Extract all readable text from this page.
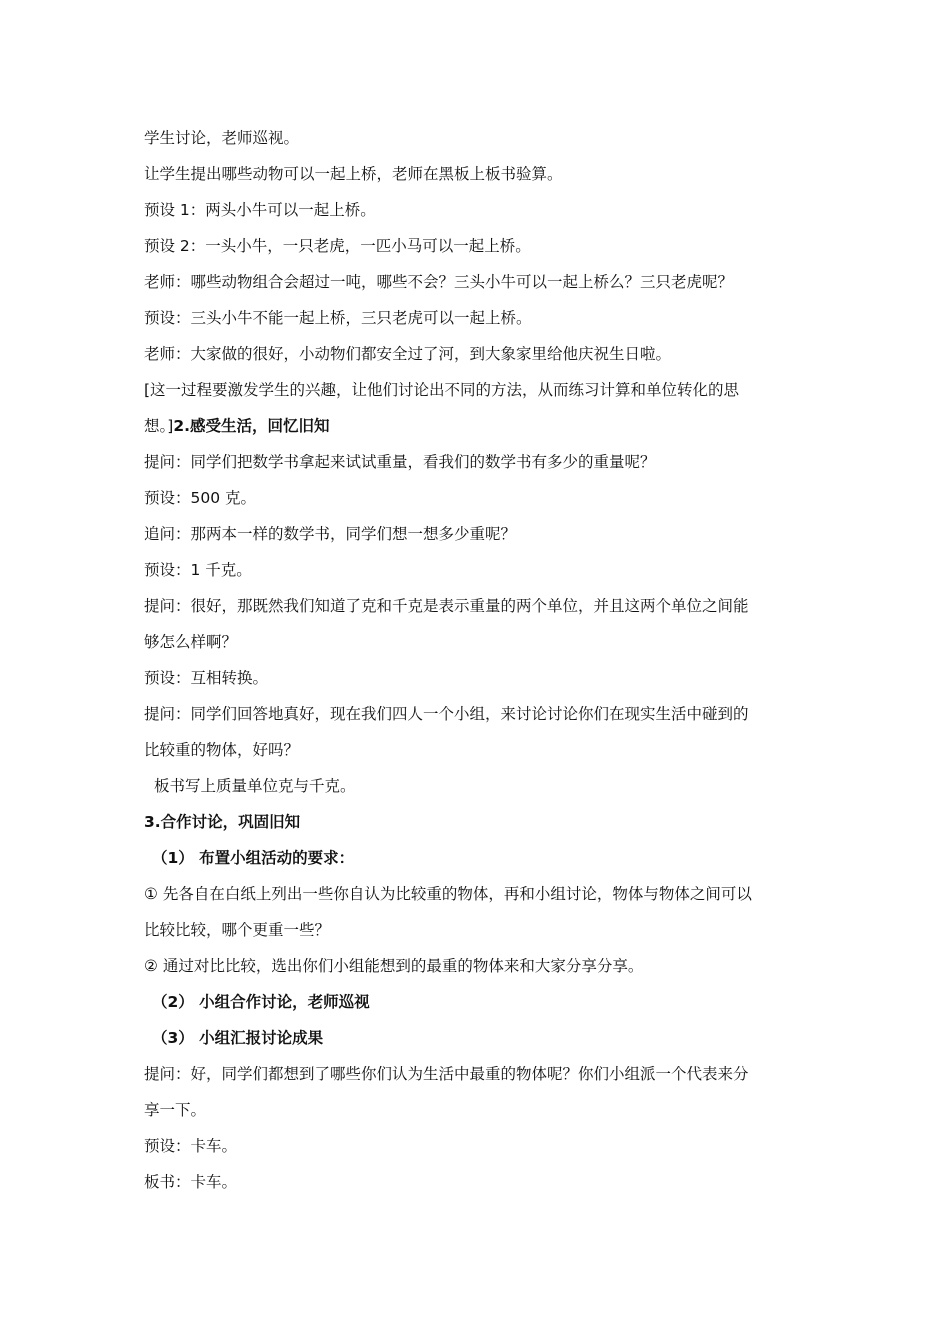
学生讨论，老师巡视。
让学生提出哪些动物可以一起上桥，老师在黑板上板书验算。
预设 1：两头小牛可以一起上桥。
预设 2：一头小牛，一只老虎，一匹小马可以一起上桥。
老师：哪些动物组合会超过一吨，哪些不会？三头小牛可以一起上桥么？三只老虎呢？
预设：三头小牛不能一起上桥，三只老虎可以一起上桥。
老师：大家做的很好，小动物们都安全过了河，到大象家里给他庆祝生日啦。
[这一过程要激发学生的兴趣，让他们讨论出不同的方法，从而练习计算和单位转化的思
想。]2.感受生活，回忆旧知
提问：同学们把数学书拿起来试试重量，看我们的数学书有多少的重量呢？
预设：500 克。
追问：那两本一样的数学书，同学们想一想多少重呢？
预设：1 千克。
提问：很好，那既然我们知道了克和千克是表示重量的两个单位，并且这两个单位之间能
够怎么样啊？
预设：互相转换。
提问：同学们回答地真好，现在我们四人一个小组，来讨论讨论你们在现实生活中碰到的
比较重的物体，好吗？
板书写上质量单位克与千克。
3.合作讨论，巩固旧知
（1） 布置小组活动的要求：
① 先各自在白纸上列出一些你自认为比较重的物体，再和小组讨论，物体与物体之间可以
比较比较，哪个更重一些？
② 通过对比比较，选出你们小组能想到的最重的物体来和大家分享分享。
（2） 小组合作讨论，老师巡视
（3） 小组汇报讨论成果
提问：好，同学们都想到了哪些你们认为生活中最重的物体呢？你们小组派一个代表来分
享一下。
预设：卡车。
板书：卡车。
